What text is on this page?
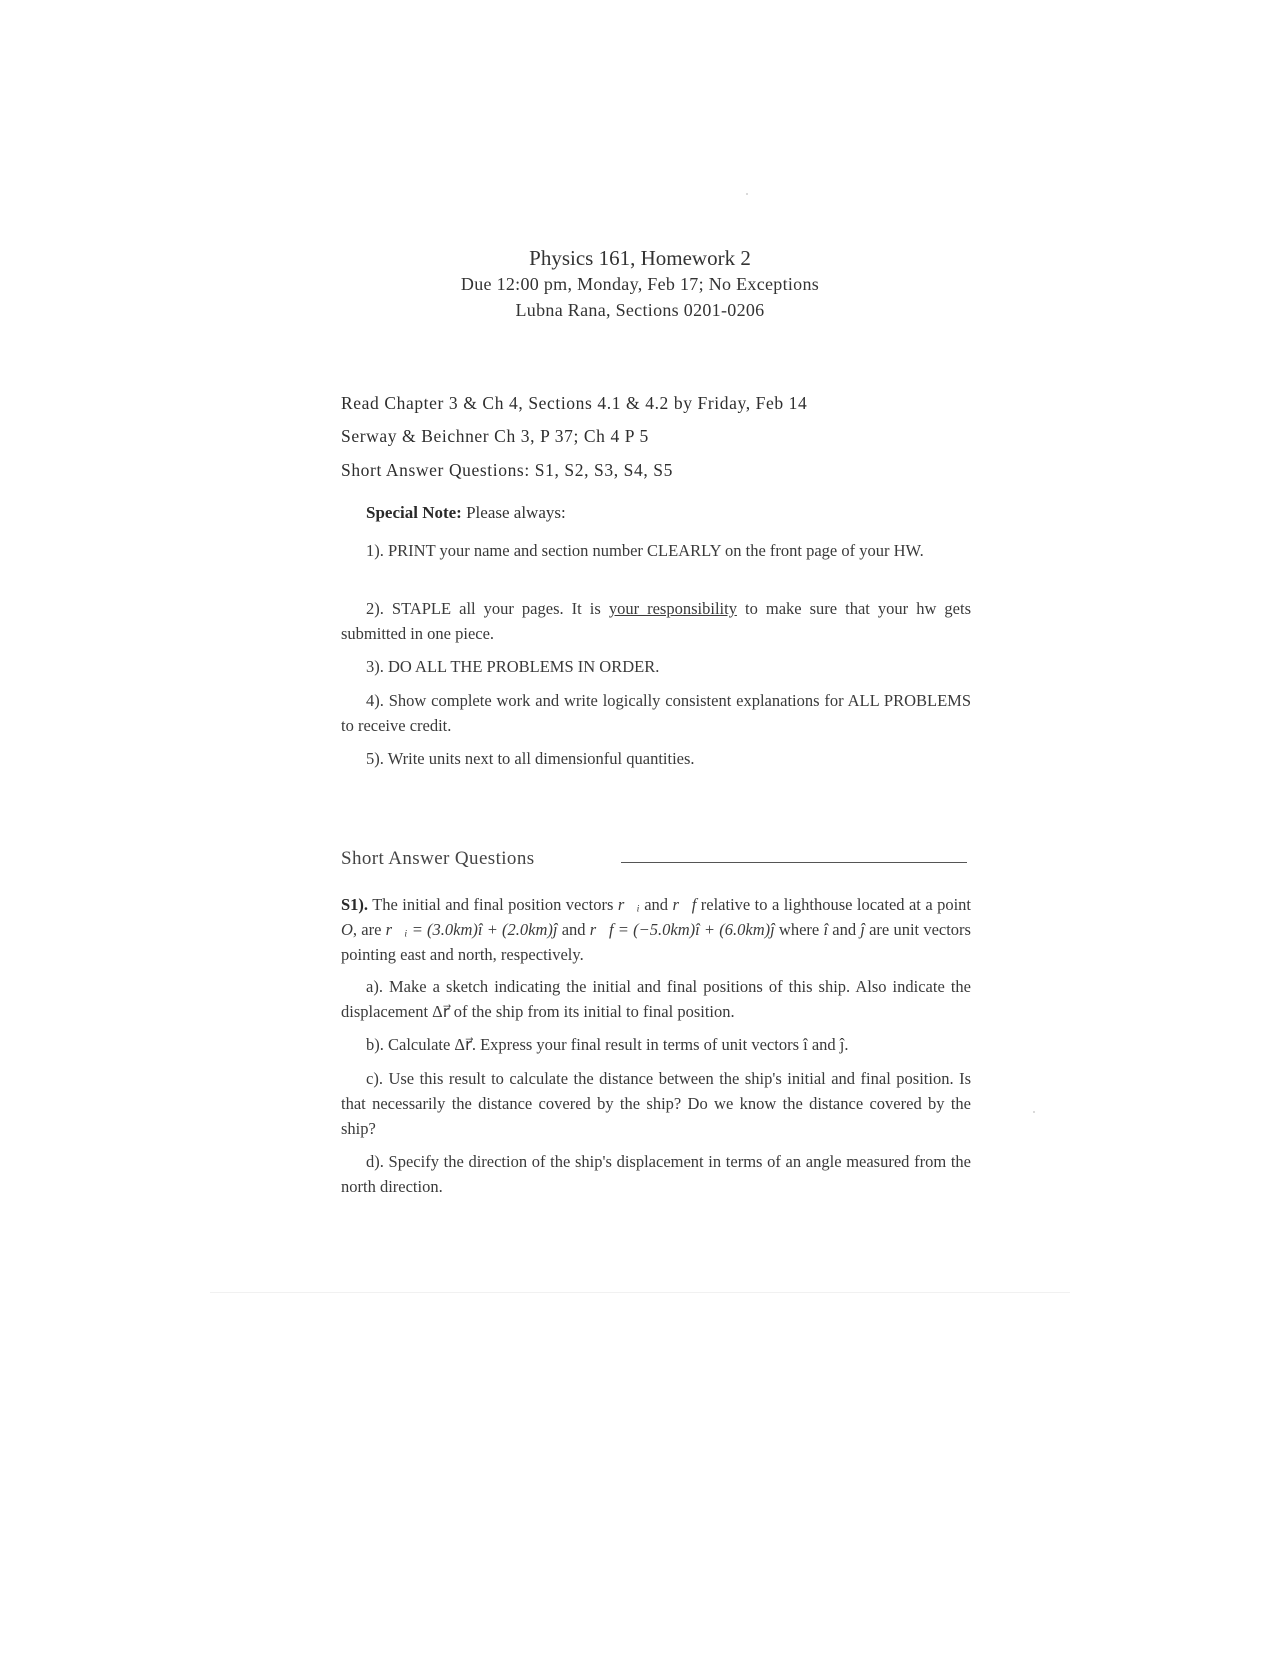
Physics 161, Homework 2
Due 12:00 pm, Monday, Feb 17; No Exceptions
Lubna Rana, Sections 0201-0206
Read Chapter 3 & Ch 4, Sections 4.1 & 4.2 by Friday, Feb 14
Serway & Beichner Ch 3, P 37; Ch 4 P 5
Short Answer Questions: S1, S2, S3, S4, S5
Special Note: Please always:
1). PRINT your name and section number CLEARLY on the front page of your HW.
2). STAPLE all your pages. It is your responsibility to make sure that your hw gets submitted in one piece.
3). DO ALL THE PROBLEMS IN ORDER.
4). Show complete work and write logically consistent explanations for ALL PROBLEMS to receive credit.
5). Write units next to all dimensionful quantities.
Short Answer Questions
S1). The initial and final position vectors r⃗ᵢ and r⃗f relative to a lighthouse located at a point O, are r⃗ᵢ = (3.0km)î + (2.0km)ĵ and r⃗f = (−5.0km)î + (6.0km)ĵ where î and ĵ are unit vectors pointing east and north, respectively.
a). Make a sketch indicating the initial and final positions of this ship. Also indicate the displacement Δr⃗ of the ship from its initial to final position.
b). Calculate Δr⃗. Express your final result in terms of unit vectors î and ĵ.
c). Use this result to calculate the distance between the ship's initial and final position. Is that necessarily the distance covered by the ship? Do we know the distance covered by the ship?
d). Specify the direction of the ship's displacement in terms of an angle measured from the north direction.
